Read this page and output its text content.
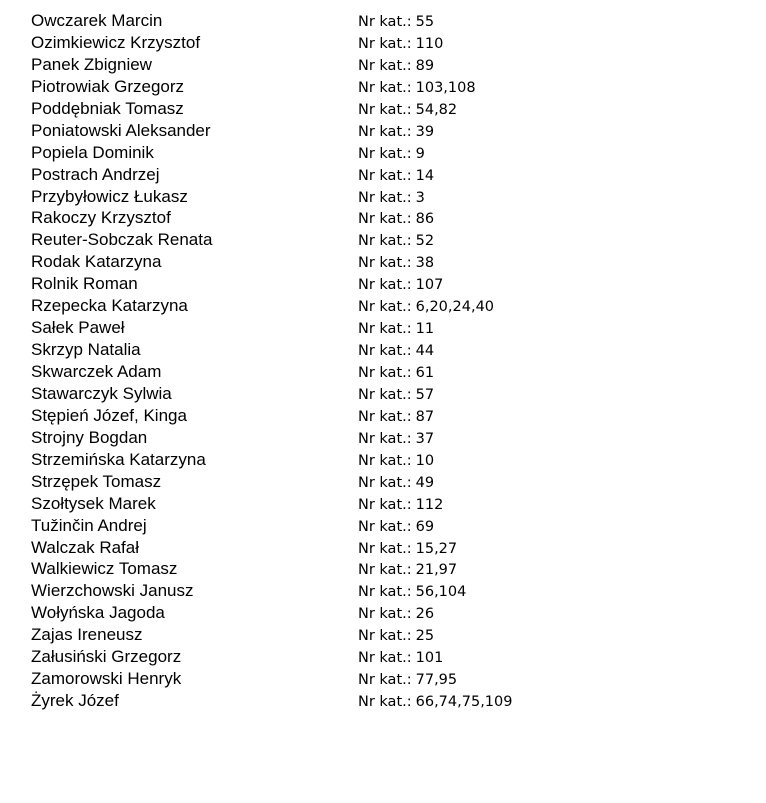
Owczarek Marcin	Nr kat.: 55
Ozimkiewicz Krzysztof	Nr kat.: 110
Panek Zbigniew	Nr kat.: 89
Piotrowiak Grzegorz	Nr kat.: 103,108
Poddębniak Tomasz	Nr kat.: 54,82
Poniatowski Aleksander	Nr kat.: 39
Popiela Dominik	Nr kat.: 9
Postrach Andrzej	Nr kat.: 14
Przybyłowicz Łukasz	Nr kat.: 3
Rakoczy Krzysztof	Nr kat.: 86
Reuter-Sobczak Renata	Nr kat.: 52
Rodak Katarzyna	Nr kat.: 38
Rolnik Roman	Nr kat.: 107
Rzepecka Katarzyna	Nr kat.: 6,20,24,40
Sałek Paweł	Nr kat.: 11
Skrzyp Natalia	Nr kat.: 44
Skwarczek Adam	Nr kat.: 61
Stawarczyk Sylwia	Nr kat.: 57
Stępień Józef, Kinga	Nr kat.: 87
Strojny Bogdan	Nr kat.: 37
Strzemińska Katarzyna	Nr kat.: 10
Strzępek Tomasz	Nr kat.: 49
Szołtysek Marek	Nr kat.: 112
Tužinčin Andrej	Nr kat.: 69
Walczak Rafał	Nr kat.: 15,27
Walkiewicz Tomasz	Nr kat.: 21,97
Wierzchowski Janusz	Nr kat.: 56,104
Wołyńska Jagoda	Nr kat.: 26
Zajas Ireneusz	Nr kat.: 25
Załusiński Grzegorz	Nr kat.: 101
Zamorowski Henryk	Nr kat.: 77,95
Żyrek Józef	Nr kat.: 66,74,75,109
